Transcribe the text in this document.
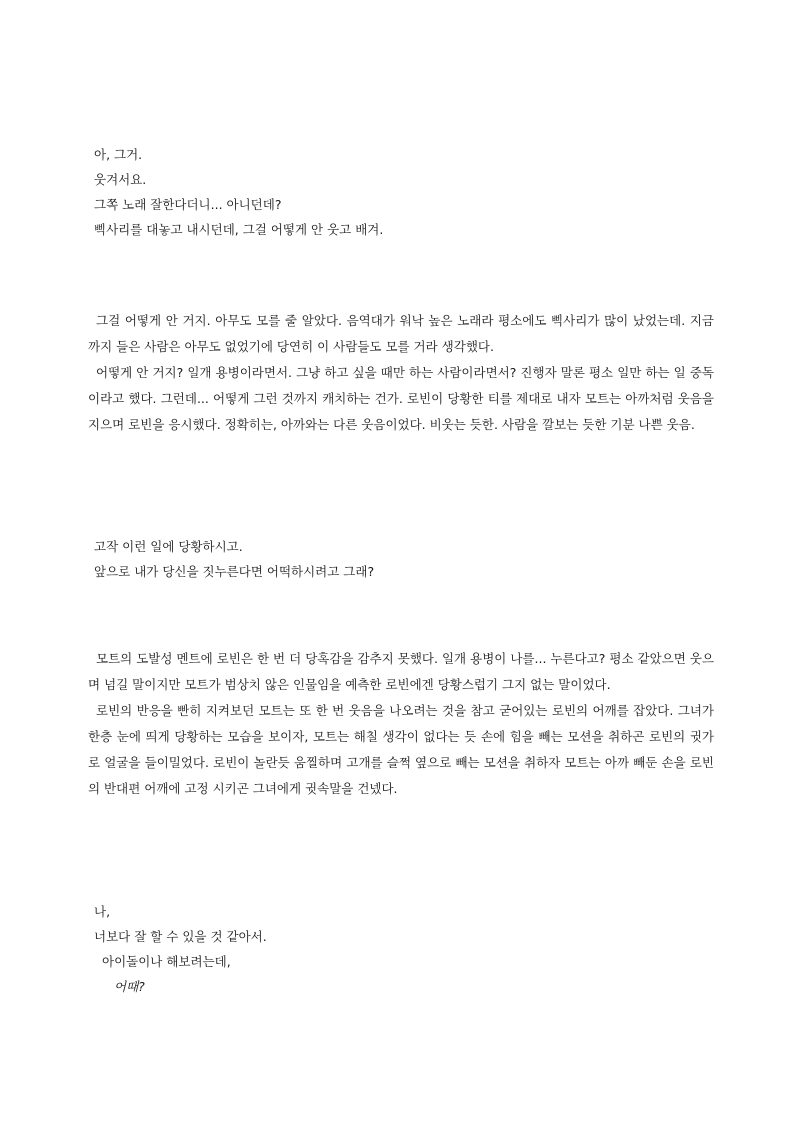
아, 그거.
웃겨서요.
그쪽 노래 잘한다더니... 아니던데?
삑사리를 대놓고 내시던데, 그걸 어떻게 안 웃고 배겨.
그걸 어떻게 안 거지. 아무도 모를 줄 알았다. 음역대가 워낙 높은 노래라 평소에도 삑사리가 많이 났었는데. 지금까지 들은 사람은 아무도 없었기에 당연히 이 사람들도 모를 거라 생각했다.
어떻게 안 거지? 일개 용병이라면서. 그냥 하고 싶을 때만 하는 사람이라면서? 진행자 말론 평소 일만 하는 일 중독이라고 했다. 그런데... 어떻게 그런 것까지 캐치하는 건가. 로빈이 당황한 티를 제대로 내자 모트는 아까처럼 웃음을 지으며 로빈을 응시했다. 정확히는, 아까와는 다른 웃음이었다. 비웃는 듯한. 사람을 깔보는 듯한 기분 나쁜 웃음.
고작 이런 일에 당황하시고.
앞으로 내가 당신을 짓누른다면 어떡하시려고 그래?
모트의 도발성 멘트에 로빈은 한 번 더 당혹감을 감추지 못했다. 일개 용병이 나를... 누른다고? 평소 같았으면 웃으며 넘길 말이지만 모트가 범상치 않은 인물임을 예측한 로빈에겐 당황스럽기 그지 없는 말이었다.
로빈의 반응을 빤히 지켜보던 모트는 또 한 번 웃음을 나오려는 것을 참고 굳어있는 로빈의 어깨를 잡았다. 그녀가 한층 눈에 띄게 당황하는 모습을 보이자, 모트는 해칠 생각이 없다는 듯 손에 힘을 빼는 모션을 취하곤 로빈의 귓가로 얼굴을 들이밀었다. 로빈이 놀란듯 움찔하며 고개를 슬쩍 옆으로 빼는 모션을 취하자 모트는 아까 빼둔 손을 로빈의 반대편 어깨에 고정 시키곤 그녀에게 귓속말을 건넸다.
나,
너보다 잘 할 수 있을 것 같아서.
아이돌이나 해보려는데,
어때?
